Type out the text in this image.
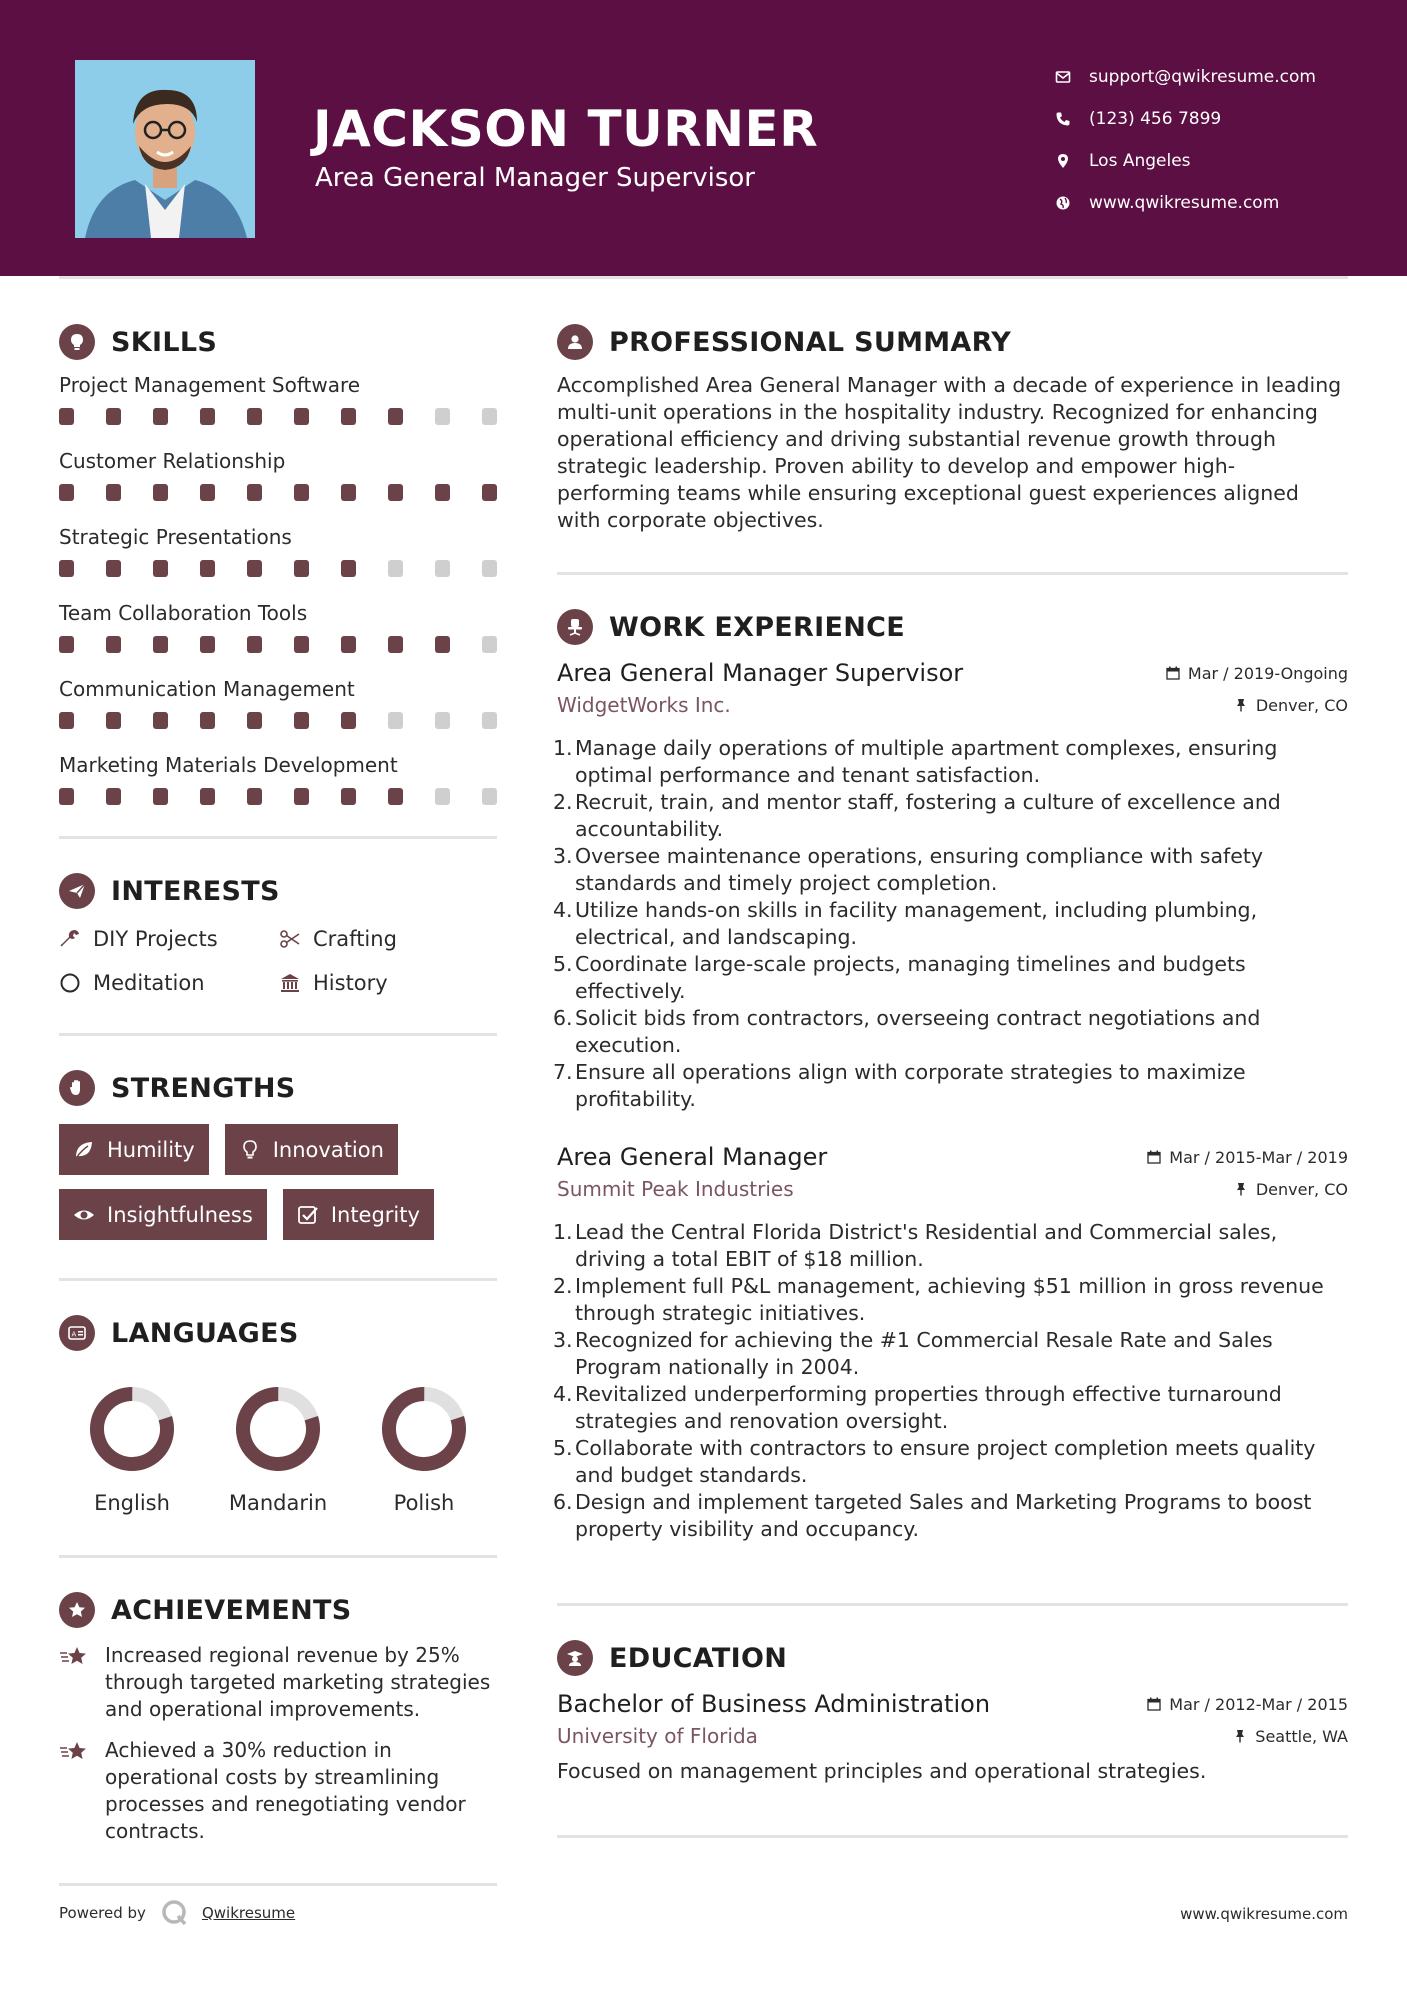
JACKSON TURNER
Area General Manager Supervisor
support@qwikresume.com
(123) 456 7899
Los Angeles
www.qwikresume.com
SKILLS
Project Management Software
Customer Relationship
Strategic Presentations
Team Collaboration Tools
Communication Management
Marketing Materials Development
INTERESTS
DIY Projects	Crafting
Meditation	History
STRENGTHS
Humility	Innovation
Insightfulness	Integrity
A LANGUAGES
English	Mandarin	Polish
ACHIEVEMENTS
Increased regional revenue by 25% through targeted marketing strategies and operational improvements.
Achieved a 30% reduction in operational costs by streamlining processes and renegotiating vendor contracts.
PROFESSIONAL SUMMARY

Accomplished Area General Manager with a decade of experience in leading multi-unit operations in the hospitality industry. Recognized for enhancing operational efficiency and driving substantial revenue growth through strategic leadership. Proven ability to develop and empower high-performing teams while ensuring exceptional guest experiences aligned with corporate objectives.

WORK EXPERIENCE
Area General Manager Supervisor	Mar / 2019-Ongoing
WidgetWorks Inc.	Denver, CO
1. Manage daily operations of multiple apartment complexes, ensuring optimal performance and tenant satisfaction.
2. Recruit, train, and mentor staff, fostering a culture of excellence and accountability.
3. Oversee maintenance operations, ensuring compliance with safety standards and timely project completion.
4. Utilize hands-on skills in facility management, including plumbing, electrical, and landscaping.
5. Coordinate large-scale projects, managing timelines and budgets effectively.
6. Solicit bids from contractors, overseeing contract negotiations and execution.
7. Ensure all operations align with corporate strategies to maximize profitability.
Area General Manager	Mar / 2015-Mar / 2019
Summit Peak Industries	Denver, CO
1. Lead the Central Florida District's Residential and Commercial sales, driving a total EBIT of $18 million.
2. Implement full P&L management, achieving $51 million in gross revenue through strategic initiatives.
3. Recognized for achieving the #1 Commercial Resale Rate and Sales Program nationally in 2004.
4. Revitalized underperforming properties through effective turnaround strategies and renovation oversight.
5. Collaborate with contractors to ensure project completion meets quality and budget standards.
6. Design and implement targeted Sales and Marketing Programs to boost property visibility and occupancy.
EDUCATION
Bachelor of Business Administration	Mar / 2012-Mar / 2015
University of Florida	Seattle, WA

Focused on management principles and operational strategies.

Powered by	Qwikresume	www.qwikresume.com
